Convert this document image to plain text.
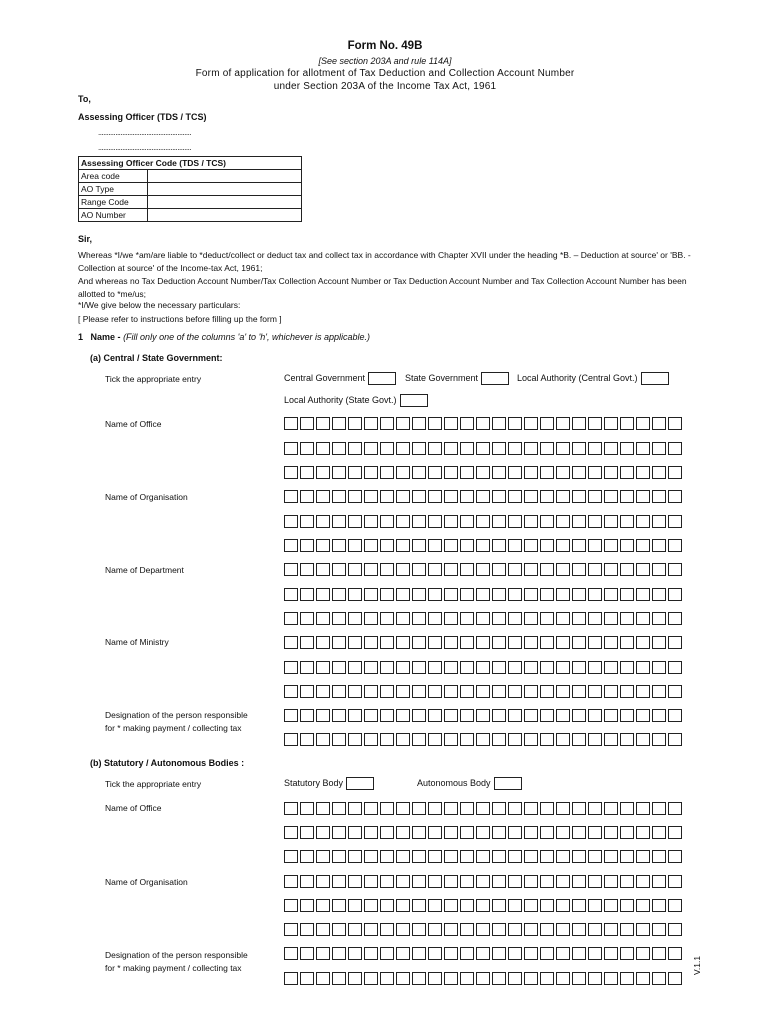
Form No. 49B
[See section 203A and rule 114A]
Form of application for allotment of Tax Deduction and Collection Account Number
under Section 203A of the Income Tax Act, 1961
To,
Assessing Officer (TDS / TCS)
......................................................
......................................................
Assessing Officer Code (TDS / TCS)	
Area code	
AO Type	
Range Code	
AO Number	
Sir,
Whereas *I/we *am/are liable to *deduct/collect or deduct tax and collect tax in accordance with Chapter XVII under the heading *B. – Deduction at source' or 'BB. -Collection at source' of the Income-tax Act, 1961;
And whereas no Tax Deduction Account Number/Tax Collection Account Number or Tax Deduction Account Number and Tax Collection Account Number has been allotted to *me/us;
*I/We give below the necessary particulars:
[ Please refer to instructions before filling up the form ]
1 Name - (Fill only one of the columns 'a' to 'h', whichever is applicable.)
(a) Central / State Government:
Tick the appropriate entry	Central Government	State Government	Local Authority (Central Govt.)
Local Authority (State Govt.)
Name of Office
Name of Organisation
Name of Department
Name of Ministry
Designation of the person responsible
for * making payment / collecting tax
(b) Statutory / Autonomous Bodies :
Tick the appropriate entry	Statutory Body	Autonomous Body
Name of Office
Name of Organisation
Designation of the person responsible
for * making payment / collecting tax	V.1.1
